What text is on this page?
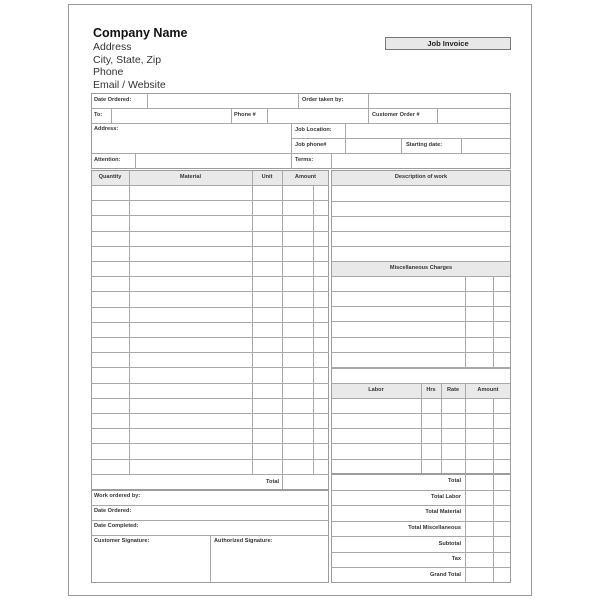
Company Name
Address
City, State, Zip
Phone
Email / Website
Job Invoice
Date Ordered:	Order taken by:
To:	Phone #	Customer Order #
Address:	Job Location:
Job phone#	Starting date:
Attention:	Terms:
Quantity	Material	Unit	Amount
Total
Description of work
Miscellaneous Charges
Labor	Hrs	Rate	Amount
Work ordered by:
Date Ordered:
Date Completed:
Customer Signature:	Authorized Signature:
Total
Total Labor
Total Material
Total Miscellaneous
Subtotal
Tax
Grand Total
